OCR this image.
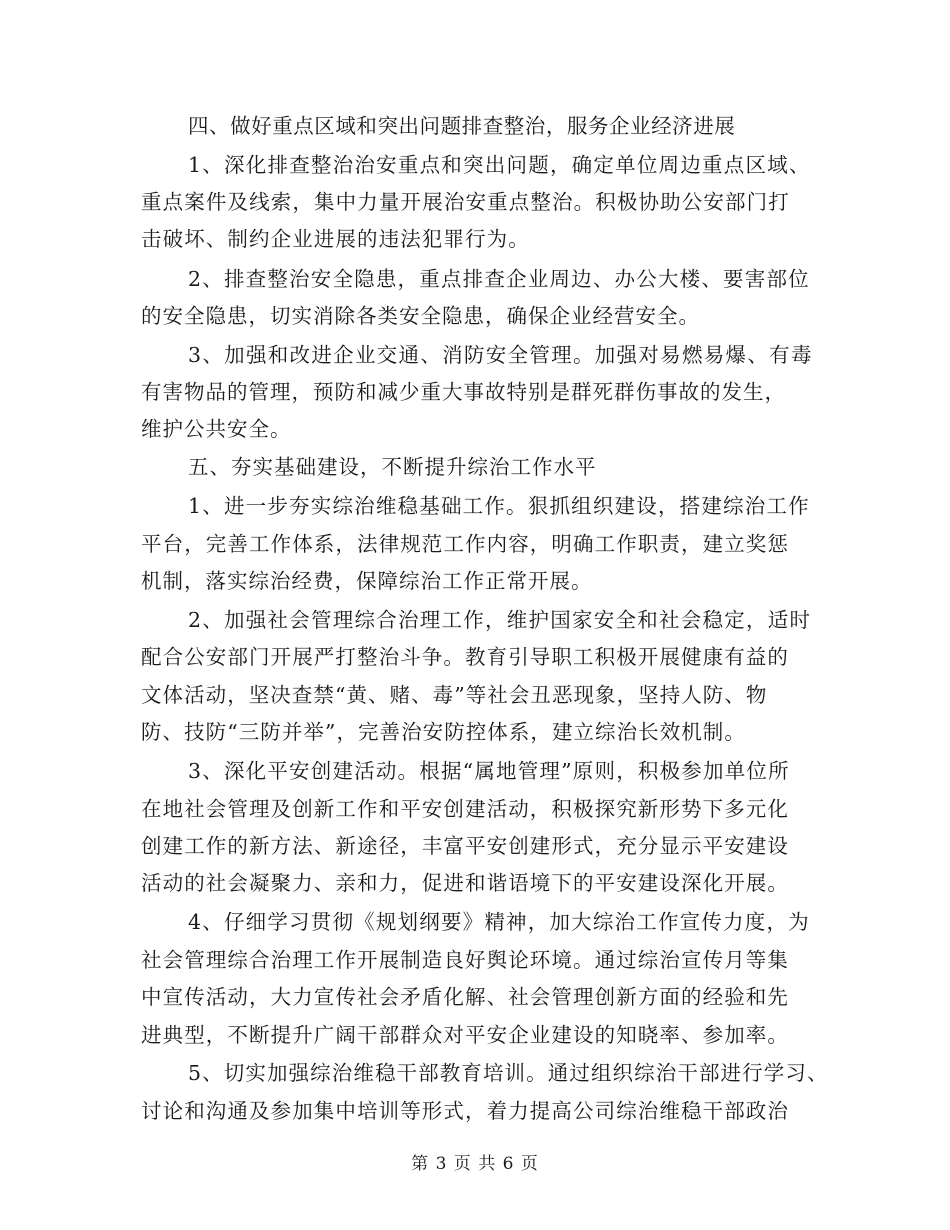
四、做好重点区域和突出问题排查整治，服务企业经济进展
1、深化排查整治治安重点和突出问题，确定单位周边重点区域、
重点案件及线索，集中力量开展治安重点整治。积极协助公安部门打
击破坏、制约企业进展的违法犯罪行为。
2、排查整治安全隐患，重点排查企业周边、办公大楼、要害部位
的安全隐患，切实消除各类安全隐患，确保企业经营安全。
3、加强和改进企业交通、消防安全管理。加强对易燃易爆、有毒
有害物品的管理，预防和减少重大事故特别是群死群伤事故的发生，
维护公共安全。
五、夯实基础建设，不断提升综治工作水平
1、进一步夯实综治维稳基础工作。狠抓组织建设，搭建综治工作
平台，完善工作体系，法律规范工作内容，明确工作职责，建立奖惩
机制，落实综治经费，保障综治工作正常开展。
2、加强社会管理综合治理工作，维护国家安全和社会稳定，适时
配合公安部门开展严打整治斗争。教育引导职工积极开展健康有益的
文体活动，坚决查禁“黄、赌、毒”等社会丑恶现象，坚持人防、物
防、技防“三防并举”，完善治安防控体系，建立综治长效机制。
3、深化平安创建活动。根据“属地管理”原则，积极参加单位所
在地社会管理及创新工作和平安创建活动，积极探究新形势下多元化
创建工作的新方法、新途径，丰富平安创建形式，充分显示平安建设
活动的社会凝聚力、亲和力，促进和谐语境下的平安建设深化开展。
4、仔细学习贯彻《规划纲要》精神，加大综治工作宣传力度，为
社会管理综合治理工作开展制造良好舆论环境。通过综治宣传月等集
中宣传活动，大力宣传社会矛盾化解、社会管理创新方面的经验和先
进典型，不断提升广阔干部群众对平安企业建设的知晓率、参加率。
5、切实加强综治维稳干部教育培训。通过组织综治干部进行学习、
讨论和沟通及参加集中培训等形式，着力提高公司综治维稳干部政治
第 3 页 共 6 页
